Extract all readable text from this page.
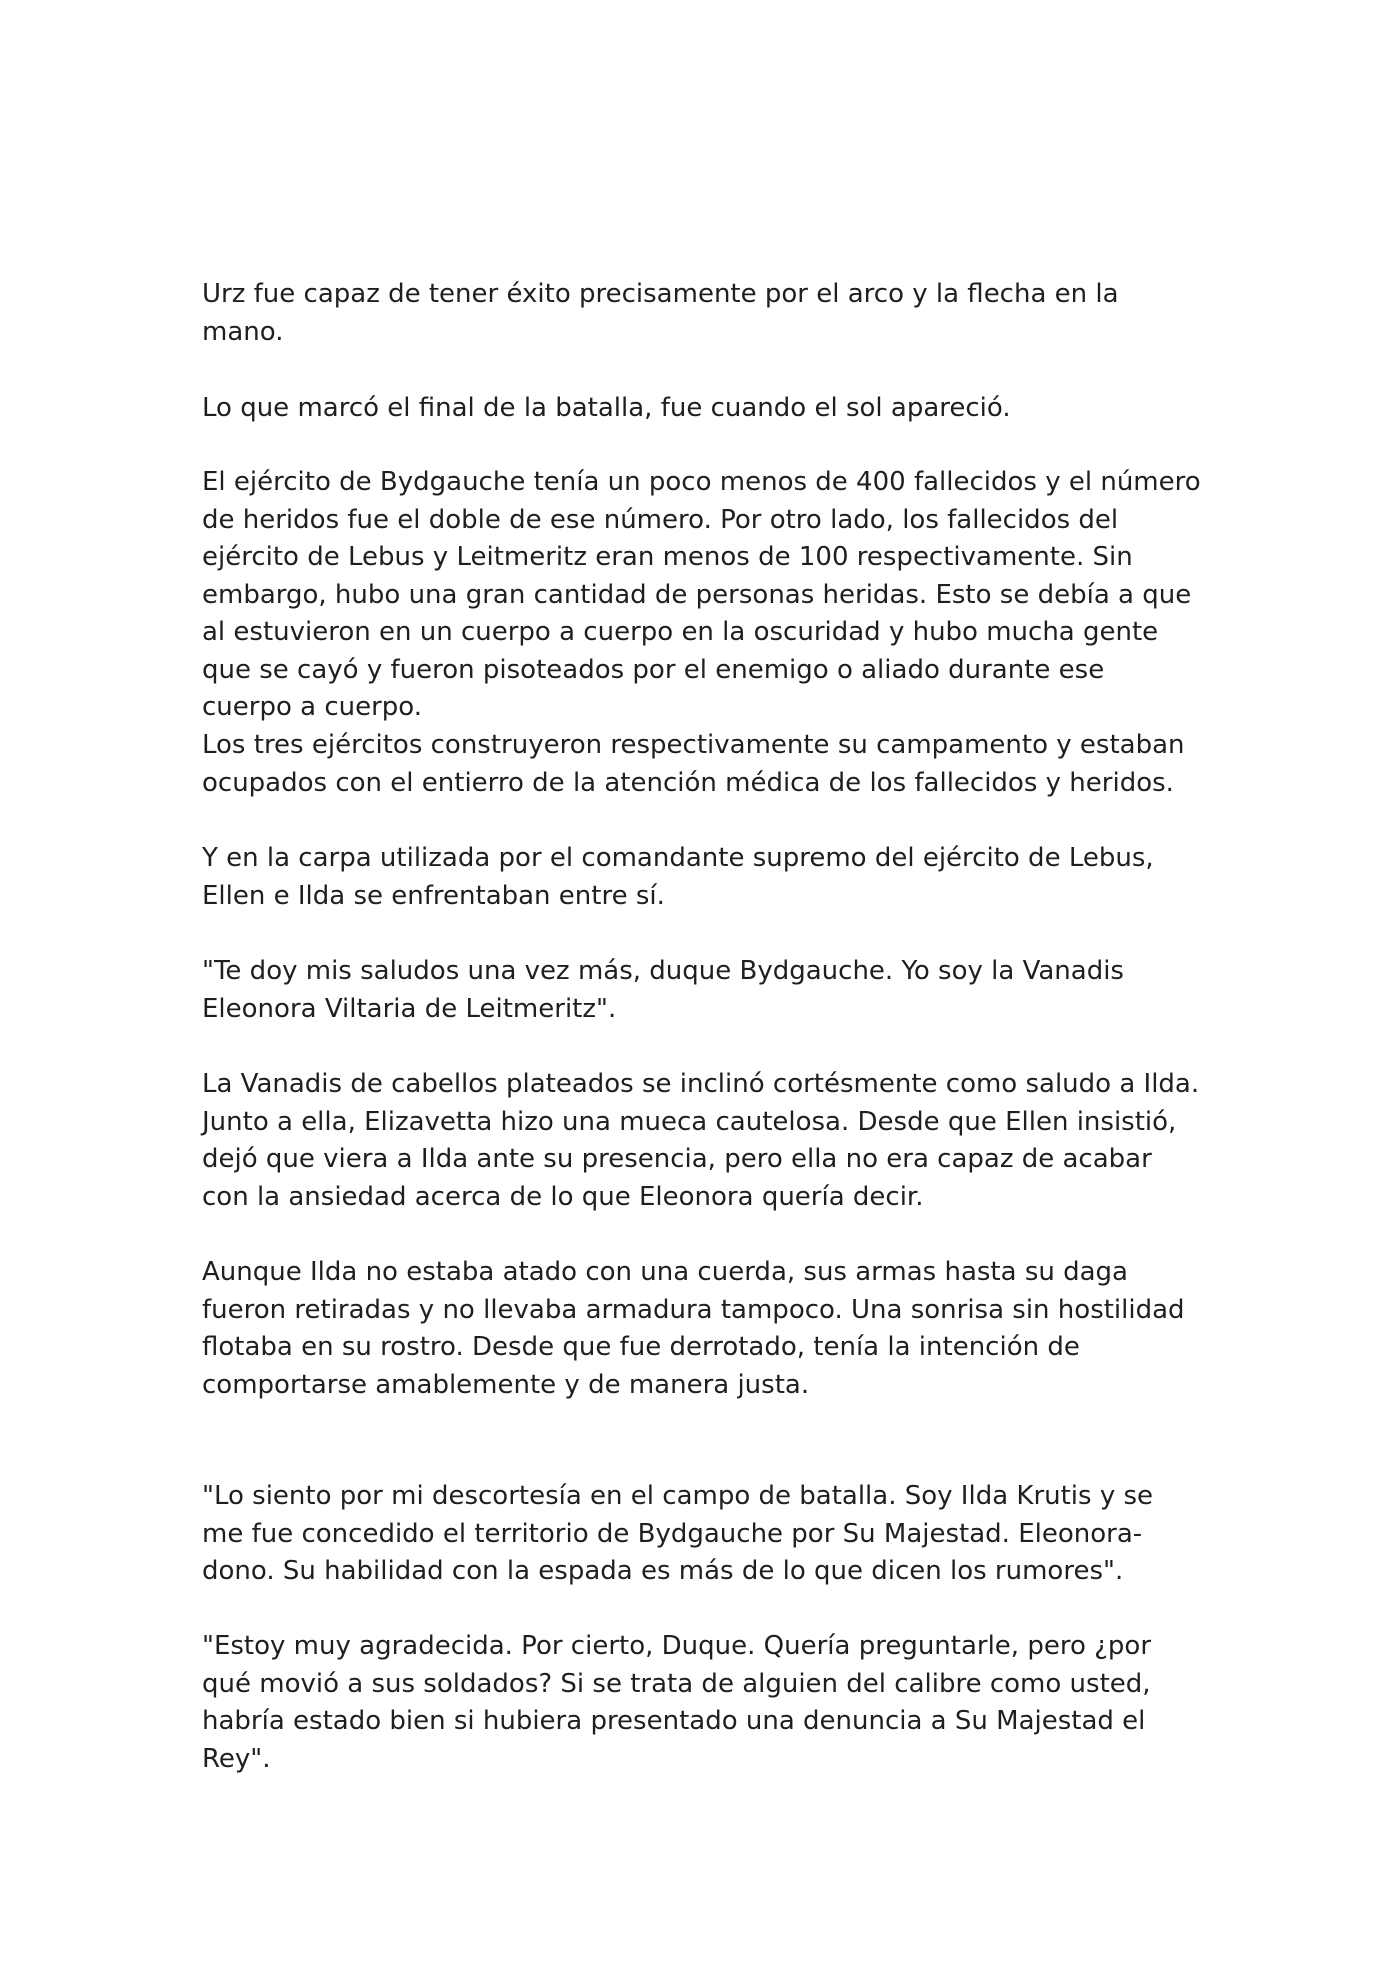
Urz fue capaz de tener éxito precisamente por el arco y la flecha en la mano.

Lo que marcó el final de la batalla, fue cuando el sol apareció.

El ejército de Bydgauche tenía un poco menos de 400 fallecidos y el número de heridos fue el doble de ese número. Por otro lado, los fallecidos del ejército de Lebus y Leitmeritz eran menos de 100 respectivamente. Sin embargo, hubo una gran cantidad de personas heridas. Esto se debía a que al estuvieron en un cuerpo a cuerpo en la oscuridad y hubo mucha gente que se cayó y fueron pisoteados por el enemigo o aliado durante ese cuerpo a cuerpo.

Los tres ejércitos construyeron respectivamente su campamento y estaban ocupados con el entierro de la atención médica de los fallecidos y heridos.

Y en la carpa utilizada por el comandante supremo del ejército de Lebus, Ellen e Ilda se enfrentaban entre sí.

"Te doy mis saludos una vez más, duque Bydgauche. Yo soy la Vanadis Eleonora Viltaria de Leitmeritz".

La Vanadis de cabellos plateados se inclinó cortésmente como saludo a Ilda. Junto a ella, Elizavetta hizo una mueca cautelosa. Desde que Ellen insistió, dejó que viera a Ilda ante su presencia, pero ella no era capaz de acabar con la ansiedad acerca de lo que Eleonora quería decir.

Aunque Ilda no estaba atado con una cuerda, sus armas hasta su daga fueron retiradas y no llevaba armadura tampoco. Una sonrisa sin hostilidad flotaba en su rostro. Desde que fue derrotado, tenía la intención de comportarse amablemente y de manera justa.

"Lo siento por mi descortesía en el campo de batalla. Soy Ilda Krutis y se me fue concedido el territorio de Bydgauche por Su Majestad. Eleonora-dono. Su habilidad con la espada es más de lo que dicen los rumores".

"Estoy muy agradecida. Por cierto, Duque. Quería preguntarle, pero ¿por qué movió a sus soldados? Si se trata de alguien del calibre como usted, habría estado bien si hubiera presentado una denuncia a Su Majestad el Rey".
